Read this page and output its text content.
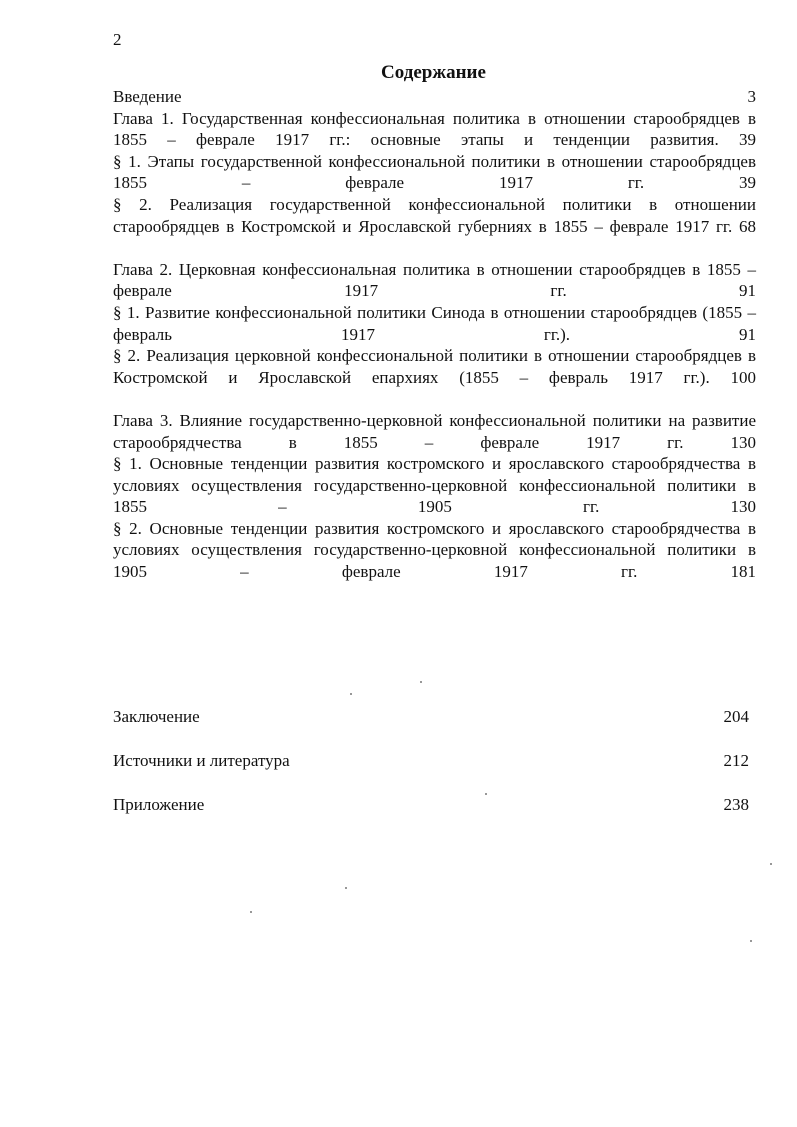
2
Содержание
Введение	3
Глава 1. Государственная конфессиональная политика в отношении старообрядцев в 1855 – феврале 1917 гг.: основные этапы и тенденции развития. 39
§ 1. Этапы государственной конфессиональной политики в отношении старообрядцев 1855 – феврале 1917 гг.	39
§ 2. Реализация государственной конфессиональной политики в отношении старообрядцев в Костромской и Ярославской губерниях в 1855 – феврале 1917 гг. 68
Глава 2. Церковная конфессиональная политика в отношении старообрядцев в 1855 – феврале 1917 гг.	91
§ 1. Развитие конфессиональной политики Синода в отношении старообрядцев (1855 – февраль 1917 гг.).	91
§ 2. Реализация церковной конфессиональной политики в отношении старообрядцев в Костромской и Ярославской епархиях (1855 – февраль 1917 гг.). 100
Глава 3. Влияние государственно-церковной конфессиональной политики на развитие старообрядчества в 1855 – феврале 1917 гг.	130
§ 1. Основные тенденции развития костромского и ярославского старообрядчества в условиях осуществления государственно-церковной конфессиональной политики в 1855 – 1905 гг.	130
§ 2. Основные тенденции развития костромского и ярославского старообрядчества в условиях осуществления государственно-церковной конфессиональной политики в 1905 – феврале 1917 гг.	181
Заключение	204
Источники и литература	212
Приложение	238
